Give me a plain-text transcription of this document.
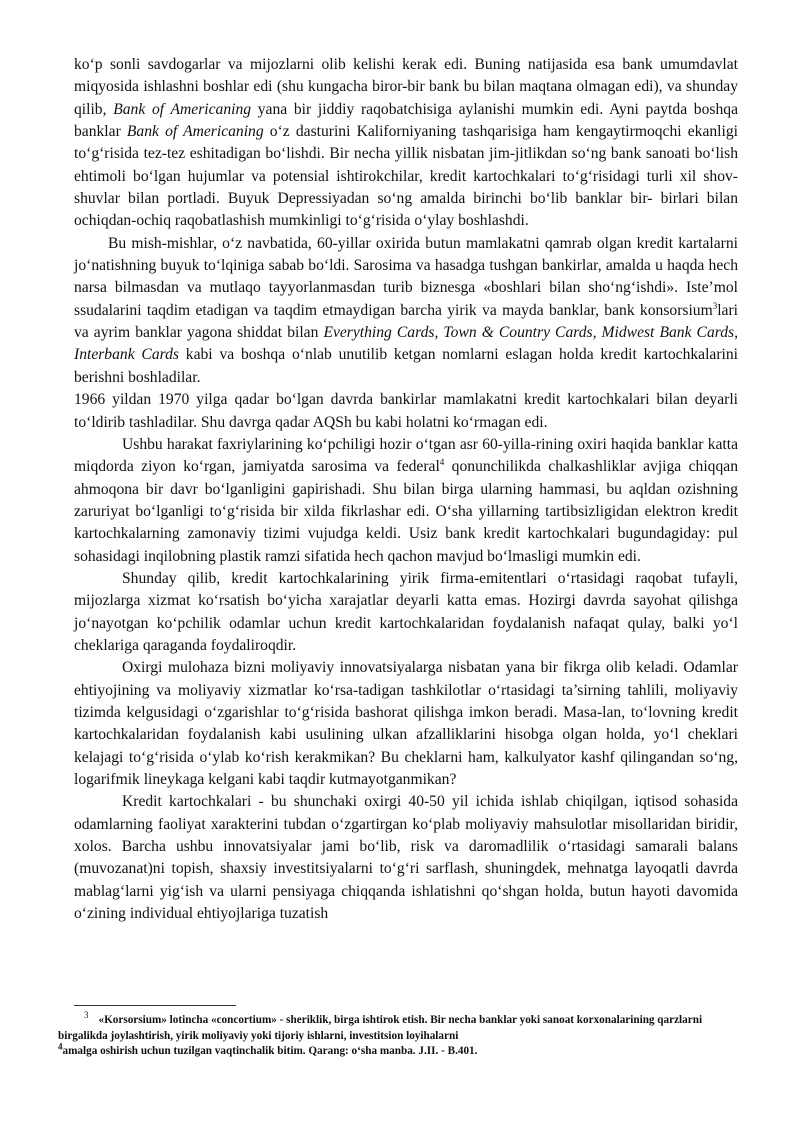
ko‘p sonli savdogarlar va mijozlarni olib kelishi kerak edi. Buning natijasida esa bank umumdavlat miqyosida ishlashni boshlar edi (shu kungacha biror-bir bank bu bilan maqtana olmagan edi), va shunday qilib, Bank of Americaning yana bir jiddiy raqobatchisiga aylanishi mumkin edi. Ayni paytda boshqa banklar Bank of Americaning o‘z dasturini Kaliforniyaning tashqarisiga ham kengaytirmoqchi ekanligi to‘g‘risida tez-tez eshitadigan bo‘lishdi. Bir necha yillik nisbatan jim-jitlikdan so‘ng bank sanoati bo‘lish ehtimoli bo‘lgan hujumlar va potensial ishtirokchilar, kredit kartochkalari to‘g‘risidagi turli xil shov-shuvlar bilan portladi. Buyuk Depressiyadan so‘ng amalda birinchi bo‘lib banklar bir- birlari bilan ochiqdan-ochiq raqobatlashish mumkinligi to‘g‘risida o‘ylay boshlashdi.

Bu mish-mishlar, o‘z navbatida, 60-yillar oxirida butun mamlakatni qamrab olgan kredit kartalarni jo‘natishning buyuk to‘lqiniga sabab bo‘ldi. Sarosima va hasadga tushgan bankirlar, amalda u haqda hech narsa bilmasdan va mutlaqo tayyorlanmasdan turib biznesga «boshlari bilan sho‘ng‘ishdi». Iste’mol ssudalarini taqdim etadigan va taqdim etmaydigan barcha yirik va mayda banklar, bank konsorsium$^3$lari va ayrim banklar yagona shiddat bilan Everything Cards, Town & Country Cards, Midwest Bank Cards, Interbank Cards kabi va boshqa o‘nlab unutilib ketgan nomlarni eslagan holda kredit kartochkalarini berishni boshladilar.

1966 yildan 1970 yilga qadar bo‘lgan davrda bankirlar mamlakatni kredit kartochkalari bilan deyarli to‘ldirib tashladilar. Shu davrga qadar AQSh bu kabi holatni ko‘rmagan edi.

Ushbu harakat faxriylarining ko‘pchiligi hozir o‘tgan asr 60-yilla-rining oxiri haqida banklar katta miqdorda ziyon ko‘rgan, jamiyatda sarosima va federal$^4$ qonunchilikda chalkashliklar avjiga chiqqan ahmoqona bir davr bo‘lganligini gapirishadi. Shu bilan birga ularning hammasi, bu aqldan ozishning zaruriyat bo‘lganligi to‘g‘risida bir xilda fikrlashar edi. O‘sha yillarning tartibsizligidan elektron kredit kartochkalarning zamonaviy tizimi vujudga keldi. Usiz bank kredit kartochkalari bugundagiday: pul sohasidagi inqilobning plastik ramzi sifatida hech qachon mavjud bo‘lmasligi mumkin edi.

Shunday qilib, kredit kartochkalarining yirik firma-emitentlari o‘rtasidagi raqobat tufayli, mijozlarga xizmat ko‘rsatish bo‘yicha xarajatlar deyarli katta emas. Hozirgi davrda sayohat qilishga jo‘nayotgan ko‘pchilik odamlar uchun kredit kartochkalaridan foydalanish nafaqat qulay, balki yo‘l cheklariga qaraganda foydaliroqdir.

Oxirgi mulohaza bizni moliyaviy innovatsiyalarga nisbatan yana bir fikrga olib keladi. Odamlar ehtiyojining va moliyaviy xizmatlar ko‘rsa-tadigan tashkilotlar o‘rtasidagi ta’sirning tahlili, moliyaviy tizimda kelgusidagi o‘zgarishlar to‘g‘risida bashorat qilishga imkon beradi. Masa-lan, to‘lovning kredit kartochkalaridan foydalanish kabi usulining ulkan afzalliklarini hisobga olgan holda, yo‘l cheklari kelajagi to‘g‘risida o‘ylab ko‘rish kerakmikan? Bu cheklarni ham, kalkulyator kashf qilingandan so‘ng, logarifmik lineykaga kelgani kabi taqdir kutmayotganmikan?

Kredit kartochkalari - bu shunchaki oxirgi 40-50 yil ichida ishlab chiqilgan, iqtisod sohasida odamlarning faoliyat xarakterini tubdan o‘zgartirgan ko‘plab moliyaviy mahsulotlar misollaridan biridir, xolos. Barcha ushbu innovatsiyalar jami bo‘lib, risk va daromadlilik o‘rtasidagi samarali balans (muvozanat)ni topish, shaxsiy investitsiyalarni to‘g‘ri sarflash, shuningdek, mehnatga layoqatli davrda mablag‘larni yig‘ish va ularni pensiyaga chiqqanda ishlatishni qo‘shgan holda, butun hayoti davomida o‘zining individual ehtiyojlariga tuzatish

$^3$ «Korsorsium» lotincha «concortium» - sheriklik, birga ishtirok etish. Bir necha banklar yoki sanoat korxonalarining qarzlarni birgalikda joylashtirish, yirik moliyaviy yoki tijoriy ishlarni, investitsion loyihalarni

$^4$amalga oshirish uchun tuzilgan vaqtinchalik bitim. Qarang: o‘sha manba. J.II. - B.401.
